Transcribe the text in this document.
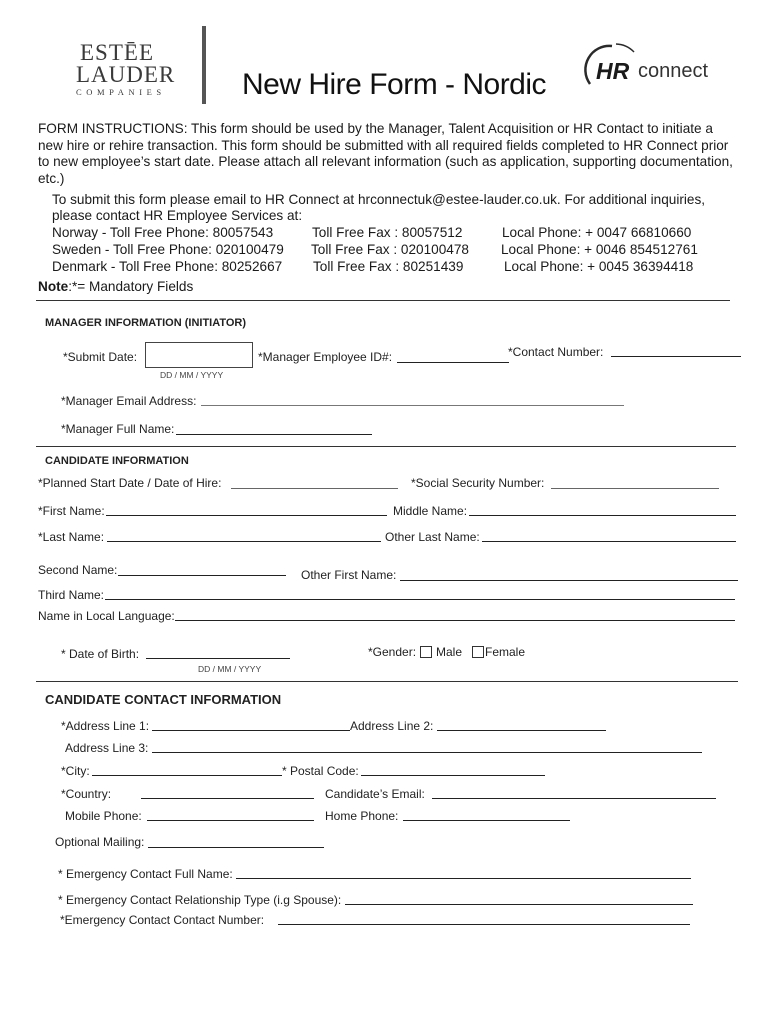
ESTĒE
LAUDER
COMPANIES	New Hire Form - Nordic HR connect
FORM INSTRUCTIONS: This form should be used by the Manager, Talent Acquisition or HR Contact to initiate a new hire or rehire transaction. This form should be submitted with all required fields completed to HR Connect prior to new employee’s start date. Please attach all relevant information (such as application, supporting documentation, etc.)
To submit this form please email to HR Connect at hrconnectuk@estee-lauder.co.uk. For additional inquiries,
please contact HR Employee Services at:
Norway - Toll Free Phone: 80057543	Toll Free Fax : 80057512	Local Phone: + 0047 66810660
Sweden - Toll Free Phone: 020100479 Toll Free Fax : 020100478 Local Phone: + 0046 854512761
Denmark - Toll Free Phone: 80252667 Toll Free Fax : 80251439	Local Phone: + 0045 36394418
Note:*= Mandatory Fields
MANAGER INFORMATION (INITIATOR)
*Submit Date:
DD / MM / YYYY
*Manager Employee ID#:	*Contact Number:
*Manager Email Address:
*Manager Full Name:
CANDIDATE INFORMATION
*Planned Start Date / Date of Hire:	*Social Security Number:
*First Name:	Middle Name:
*Last Name:	Other Last Name:
Second Name:	Other First Name:
Third Name:
Name in Local Language:
* Date of Birth:
DD / MM / YYYY
*Gender: Male Female
CANDIDATE CONTACT INFORMATION
*Address Line 1:	Address Line 2:
Address Line 3:
*City:	* Postal Code:
*Country:	Candidate’s Email:
Mobile Phone:	Home Phone:
Optional Mailing:
* Emergency Contact Full Name:
* Emergency Contact Relationship Type (i.g Spouse):
*Emergency Contact Contact Number:
